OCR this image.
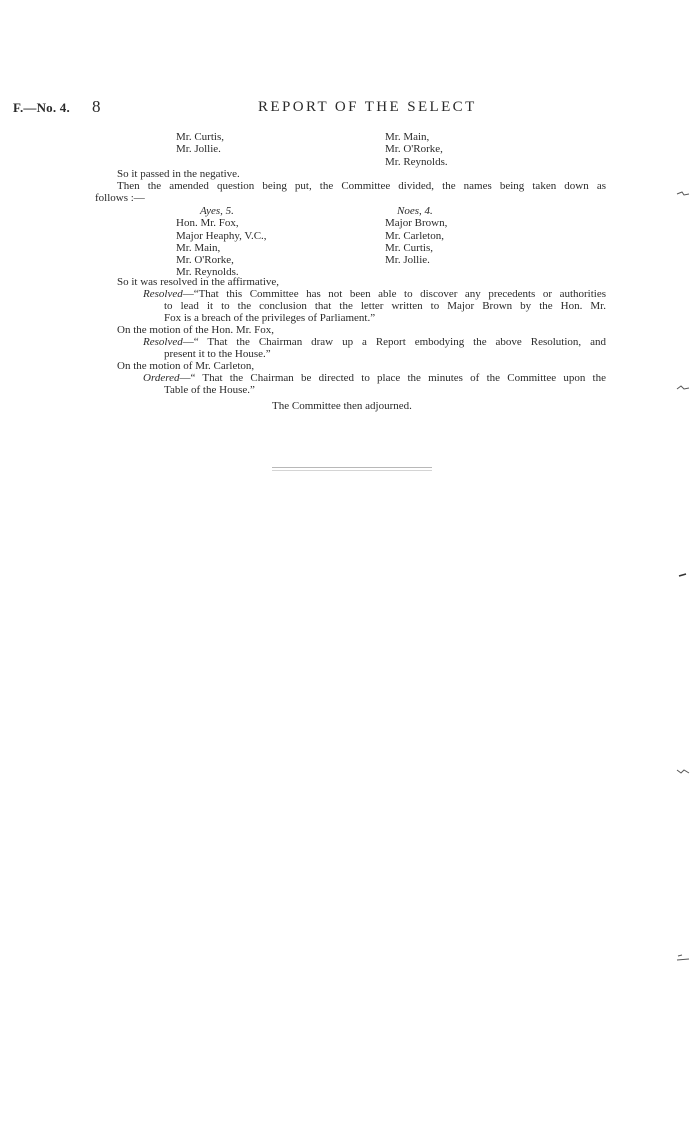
F.—No. 4. 8	REPORT OF THE SELECT
Mr. Curtis,
Mr. Jollie.
Mr. Main,
Mr. O'Rorke,
Mr. Reynolds.
So it passed in the negative.
Then the amended question being put, the Committee divided, the names being taken down as
follows :—
Ayes, 5.
Hon. Mr. Fox,
Major Heaphy, V.C.,
Mr. Main,
Mr. O'Rorke,
Mr. Reynolds.
Noes, 4.
Major Brown,
Mr. Carleton,
Mr. Curtis,
Mr. Jollie.
So it was resolved in the affirmative,
Resolved—“That this Committee has not been able to discover any precedents or authorities
to lead it to the conclusion that the letter written to Major Brown by the Hon. Mr.
Fox is a breach of the privileges of Parliament.”
On the motion of the Hon. Mr. Fox,
Resolved—“ That the Chairman draw up a Report embodying the above Resolution, and
present it to the House.”
On the motion of Mr. Carleton,
Ordered—“ That the Chairman be directed to place the minutes of the Committee upon the
Table of the House.”
The Committee then adjourned.
